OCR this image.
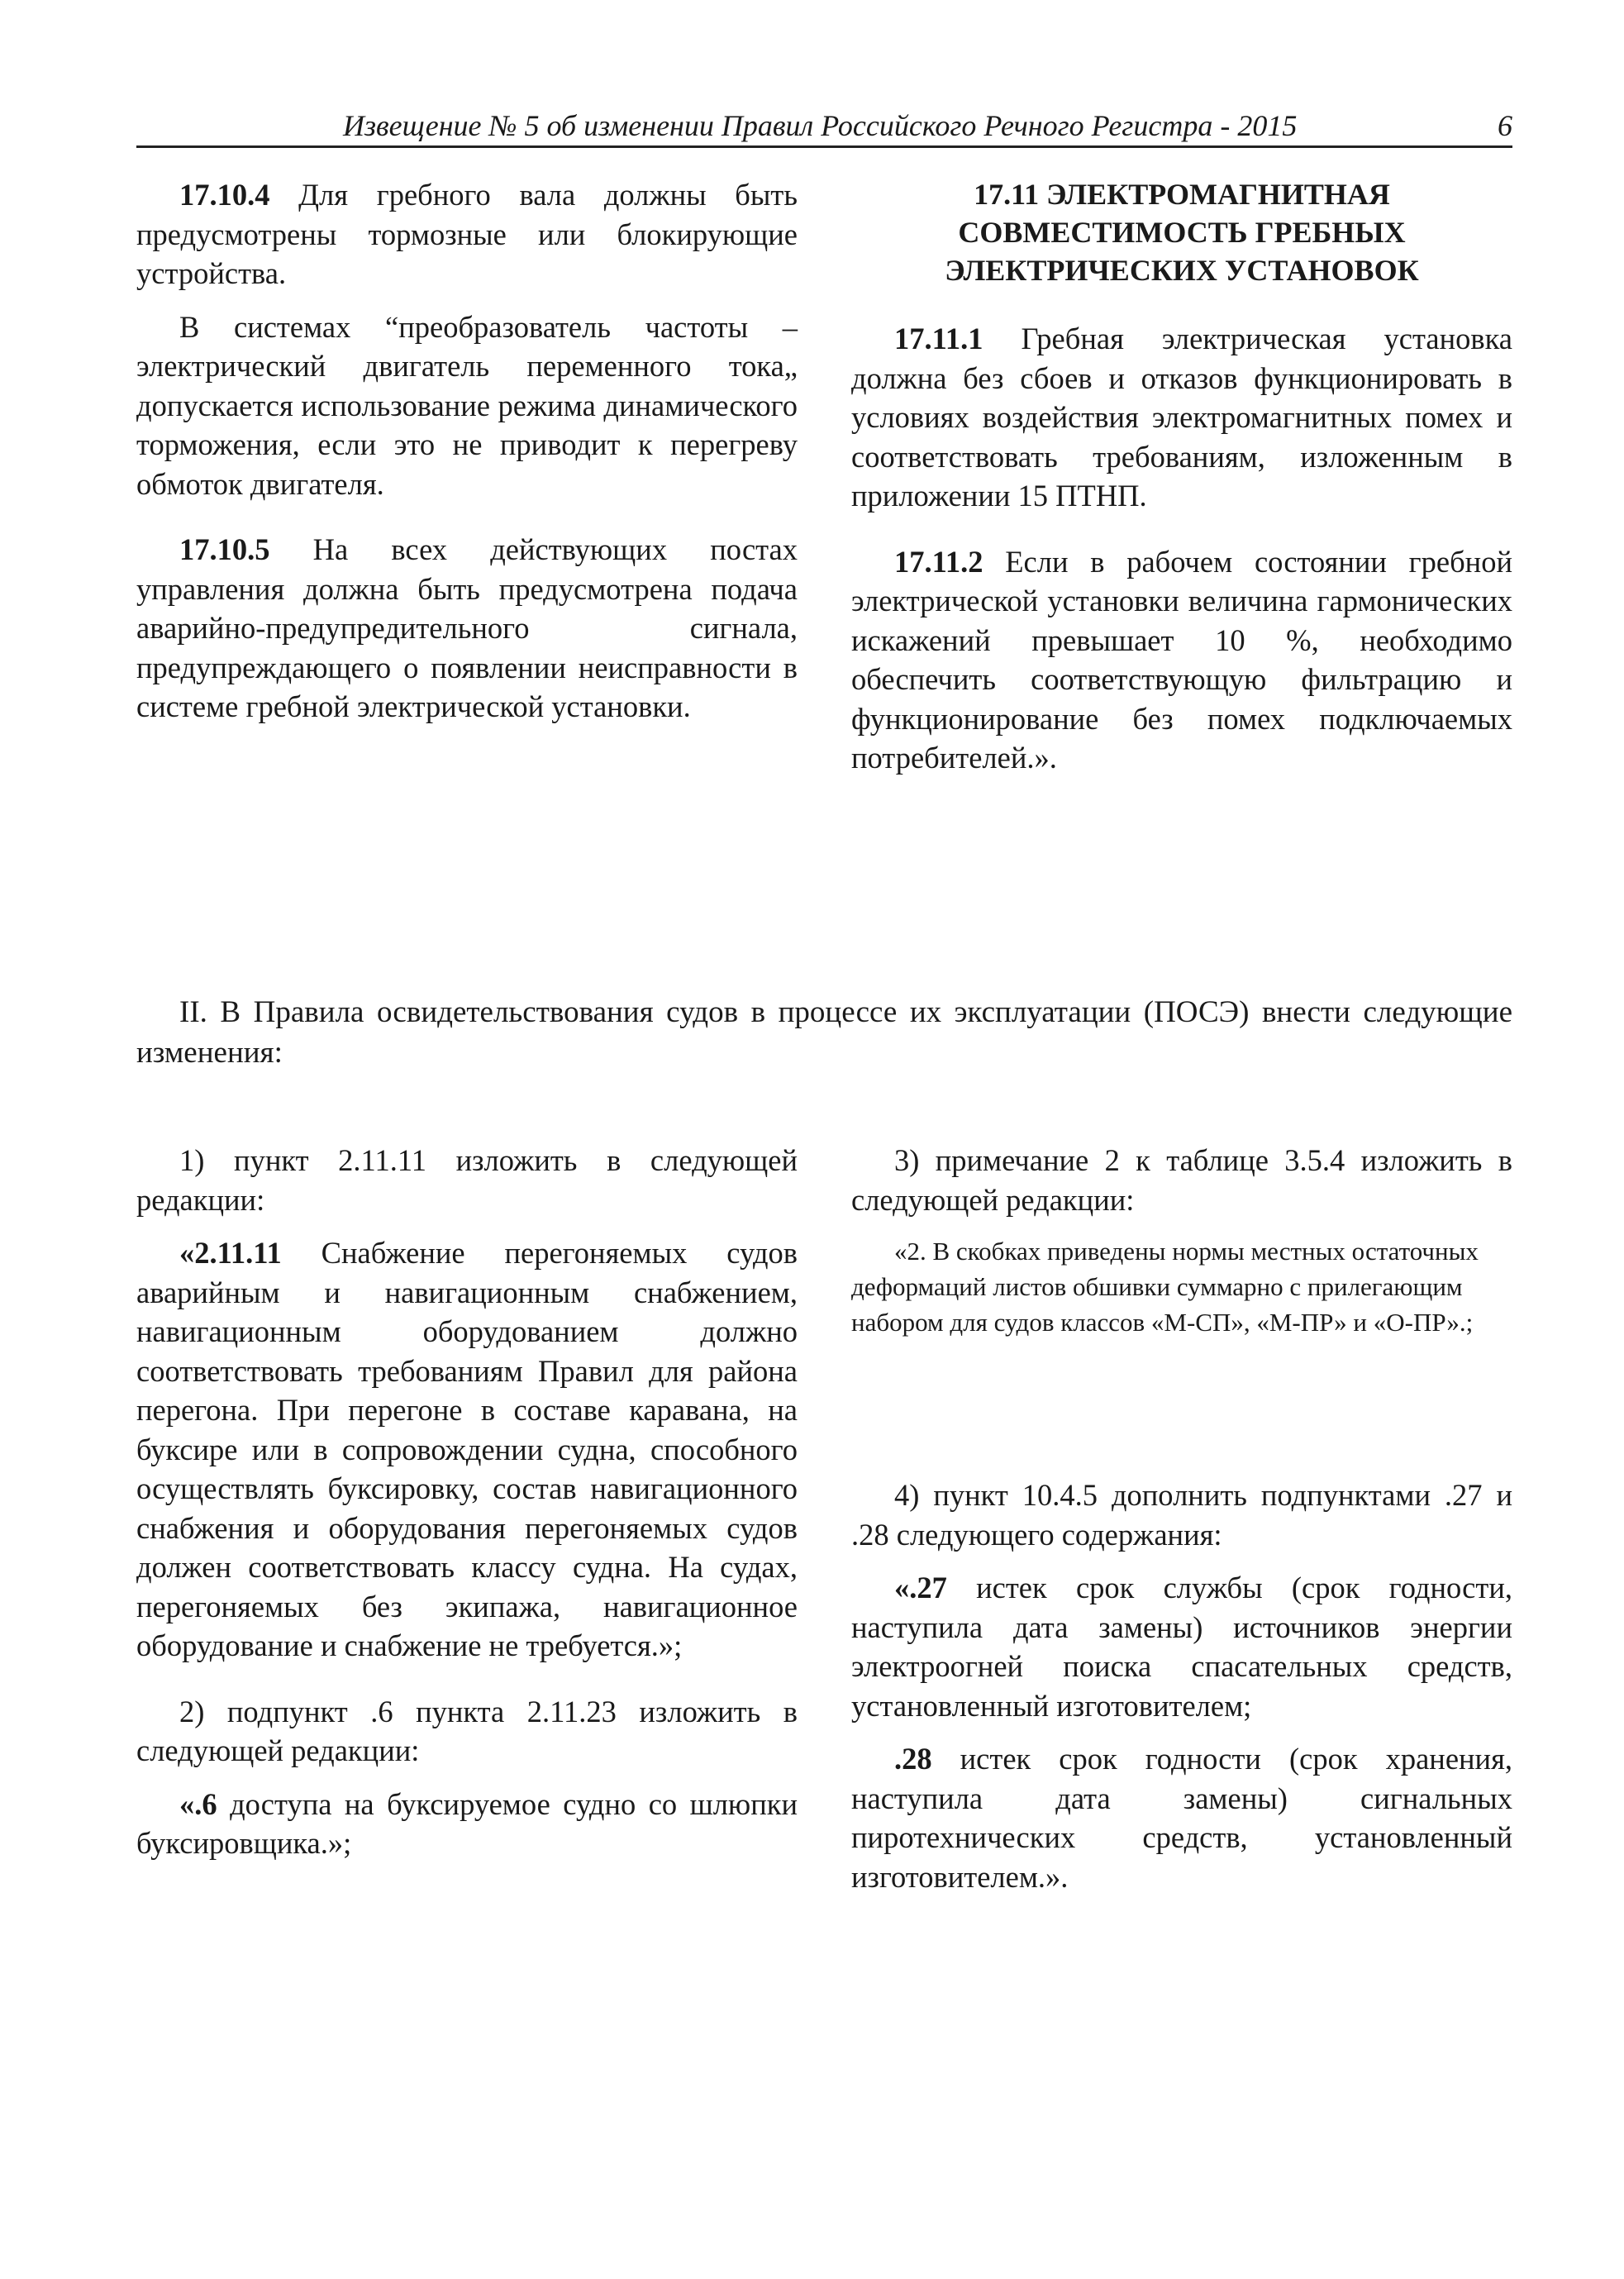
Извещение № 5 об изменении Правил Российского Речного Регистра - 2015	6

17.10.4 Для гребного вала должны быть предусмотрены тормозные или блокирующие устройства.

В системах “преобразователь частоты – электрический двигатель переменного тока„ допускается использование режима динамического торможения, если это не приводит к перегреву обмоток двигателя.

17.10.5 На всех действующих постах управления должна быть предусмотрена подача аварийно-предупредительного сигнала, предупреждающего о появлении неисправности в системе гребной электрической установки.

17.11 ЭЛЕКТРОМАГНИТНАЯ
СОВМЕСТИМОСТЬ ГРЕБНЫХ
ЭЛЕКТРИЧЕСКИХ УСТАНОВОК

17.11.1 Гребная электрическая установка должна без сбоев и отказов функционировать в условиях воздействия электромагнитных помех и соответствовать требованиям, изложенным в приложении 15 ПТНП.

17.11.2 Если в рабочем состоянии гребной электрической установки величина гармонических искажений превышает 10 %, необходимо обеспечить соответствующую фильтрацию и функционирование без помех подключаемых потребителей.».

II. В Правила освидетельствования судов в процессе их эксплуатации (ПОСЭ) внести следующие изменения:

1) пункт 2.11.11 изложить в следующей редакции:

«2.11.11 Снабжение перегоняемых судов аварийным и навигационным снабжением, навигационным оборудованием должно соответствовать требованиям Правил для района перегона. При перегоне в составе каравана, на буксире или в сопровождении судна, способного осуществлять буксировку, состав навигационного снабжения и оборудования перегоняемых судов должен соответствовать классу судна. На судах, перегоняемых без экипажа, навигационное оборудование и снабжение не требуется.»;

2) подпункт .6 пункта 2.11.23 изложить в следующей редакции:

«.6 доступа на буксируемое судно со шлюпки буксировщика.»;

3) примечание 2 к таблице 3.5.4 изложить в следующей редакции:

«2. В скобках приведены нормы местных остаточных деформаций листов обшивки суммарно с прилегающим набором для судов классов «М-СП», «М-ПР» и «О-ПР».;

4) пункт 10.4.5 дополнить подпунктами .27 и .28 следующего содержания:

«.27 истек срок службы (срок годности, наступила дата замены) источников энергии электроогней поиска спасательных средств, установленный изготовителем;

.28 истек срок годности (срок хранения, наступила дата замены) сигнальных пиротехнических средств, установленный изготовителем.».
